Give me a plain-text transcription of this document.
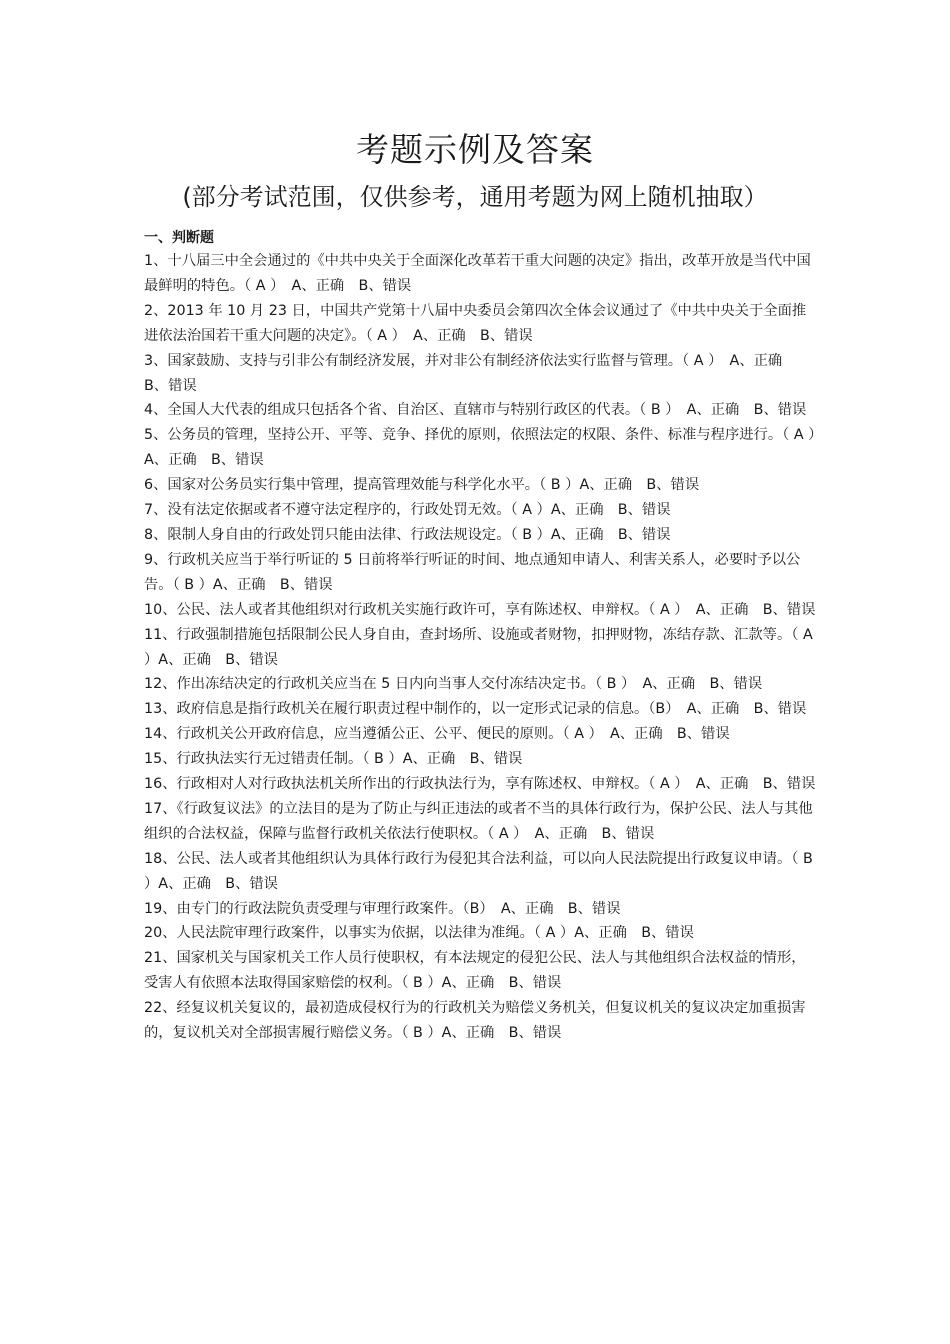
考题示例及答案
(部分考试范围，仅供参考，通用考题为网上随机抽取）
一、判断题

1、十八届三中全会通过的《中共中央关于全面深化改革若干重大问题的决定》指出，改革开放是当代中国最鲜明的特色。（ A ）　A、正确　B、错误

2、2013 年 10 月 23 日，中国共产党第十八届中央委员会第四次全体会议通过了《中共中央关于全面推进依法治国若干重大问题的决定》。（ A ）　A、正确　B、错误

3、国家鼓励、支持与引非公有制经济发展，并对非公有制经济依法实行监督与管理。（ A ）　A、正确　B、错误

4、全国人大代表的组成只包括各个省、自治区、直辖市与特别行政区的代表。（ B ）　A、正确　B、错误

5、公务员的管理，坚持公开、平等、竞争、择优的原则，依照法定的权限、条件、标准与程序进行。（ A ）A、正确　B、错误

6、国家对公务员实行集中管理，提高管理效能与科学化水平。（ B ）A、正确　B、错误

7、没有法定依据或者不遵守法定程序的，行政处罚无效。（ A ）A、正确　B、错误

8、限制人身自由的行政处罚只能由法律、行政法规设定。（ B ）A、正确　B、错误

9、行政机关应当于举行听证的 5 日前将举行听证的时间、地点通知申请人、利害关系人，必要时予以公告。（ B ）A、正确　B、错误

10、公民、法人或者其他组织对行政机关实施行政许可，享有陈述权、申辩权。（ A ）　A、正确　B、错误

11、行政强制措施包括限制公民人身自由，查封场所、设施或者财物，扣押财物，冻结存款、汇款等。（ A ）A、正确　B、错误

12、作出冻结决定的行政机关应当在 5 日内向当事人交付冻结决定书。（ B ）　A、正确　B、错误

13、政府信息是指行政机关在履行职责过程中制作的，以一定形式记录的信息。（B）　A、正确　B、错误

14、行政机关公开政府信息，应当遵循公正、公平、便民的原则。（ A ）　A、正确　B、错误

15、行政执法实行无过错责任制。（ B ）A、正确　B、错误

16、行政相对人对行政执法机关所作出的行政执法行为，享有陈述权、申辩权。（ A ）　A、正确　B、错误

17、《行政复议法》的立法目的是为了防止与纠正违法的或者不当的具体行政行为，保护公民、法人与其他组织的合法权益，保障与监督行政机关依法行使职权。（ A ）　A、正确　B、错误

18、公民、法人或者其他组织认为具体行政行为侵犯其合法利益，可以向人民法院提出行政复议申请。（ B ）A、正确　B、错误

19、由专门的行政法院负责受理与审理行政案件。（B）　A、正确　B、错误

20、人民法院审理行政案件，以事实为依据，以法律为准绳。（ A ）A、正确　B、错误

21、国家机关与国家机关工作人员行使职权，有本法规定的侵犯公民、法人与其他组织合法权益的情形，受害人有依照本法取得国家赔偿的权利。（ B ）A、正确　B、错误

22、经复议机关复议的，最初造成侵权行为的行政机关为赔偿义务机关，但复议机关的复议决定加重损害的，复议机关对全部损害履行赔偿义务。（ B ）A、正确　B、错误
